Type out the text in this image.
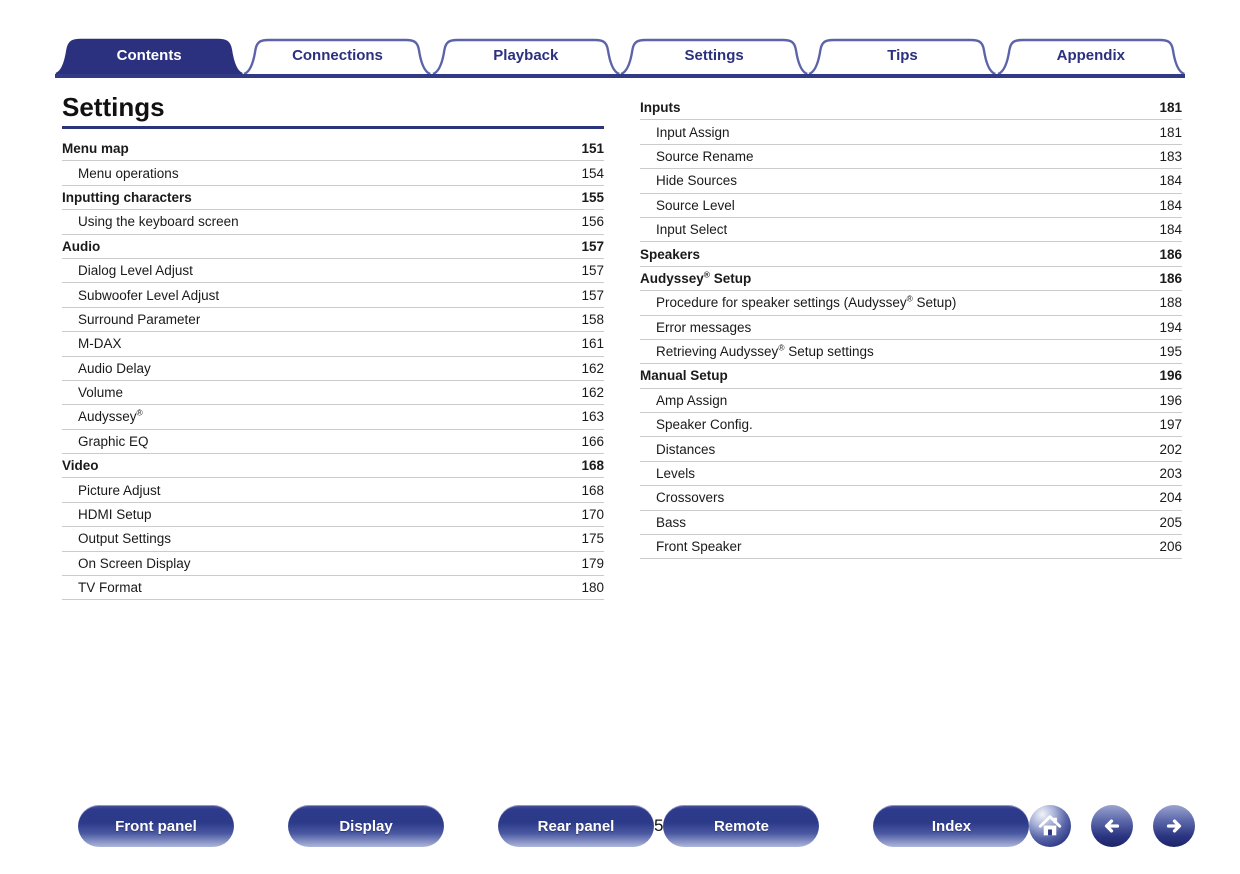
Contents	Connections	Playback	Settings	Tips	Appendix
Settings
Menu map	151
Menu operations	154
Inputting characters	155
Using the keyboard screen	156
Audio	157
Dialog Level Adjust	157
Subwoofer Level Adjust	157
Surround Parameter	158
M-DAX	161
Audio Delay	162
Volume	162
Audyssey®	163
Graphic EQ	166
Video	168
Picture Adjust	168
HDMI Setup	170
Output Settings	175
On Screen Display	179
TV Format	180
Inputs	181
Input Assign	181
Source Rename	183
Hide Sources	184
Source Level	184
Input Select	184
Speakers	186
Audyssey® Setup	186
Procedure for speaker settings (Audyssey® Setup)	188
Error messages	194
Retrieving Audyssey® Setup settings	195
Manual Setup	196
Amp Assign	196
Speaker Config.	197
Distances	202
Levels	203
Crossovers	204
Bass	205
Front Speaker	206
Front panel	Display	Rear panel 5	Remote	Index
